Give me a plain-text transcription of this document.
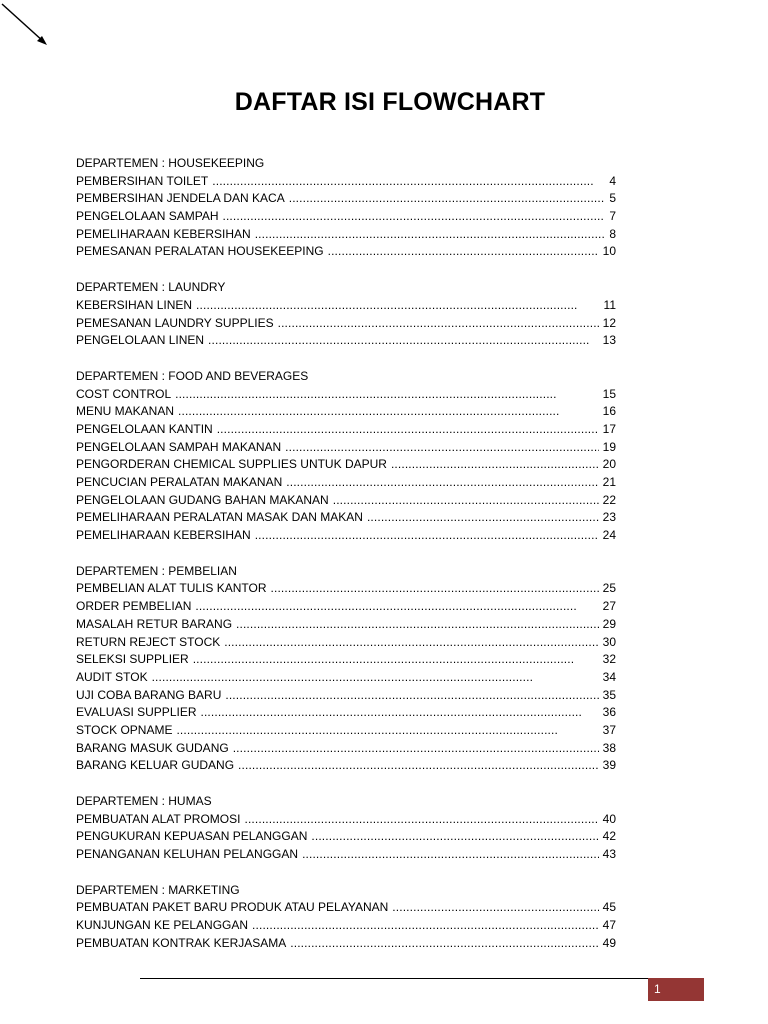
DAFTAR ISI FLOWCHART
DEPARTEMEN : HOUSEKEEPING
PEMBERSIHAN TOILET . . .	4
PEMBERSIHAN JENDELA DAN KACA . . .	5
PENGELOLAAN SAMPAH . . .	7
PEMELIHARAAN KEBERSIHAN . . .	8
PEMESANAN PERALATAN HOUSEKEEPING . . .	10
DEPARTEMEN : LAUNDRY
KEBERSIHAN LINEN . . .	11
PEMESANAN LAUNDRY SUPPLIES . . .	12
PENGELOLAAN LINEN . . .	13
DEPARTEMEN : FOOD AND BEVERAGES
COST CONTROL . . .	15
MENU MAKANAN . . .	16
PENGELOLAAN KANTIN . . .	17
PENGELOLAAN SAMPAH MAKANAN . . .	19
PENGORDERAN CHEMICAL SUPPLIES UNTUK DAPUR . . .	20
PENCUCIAN PERALATAN MAKANAN . . .	21
PENGELOLAAN GUDANG BAHAN MAKANAN . . .	22
PEMELIHARAAN PERALATAN MASAK DAN MAKAN . . .	23
PEMELIHARAAN KEBERSIHAN . . .	24
DEPARTEMEN : PEMBELIAN
PEMBELIAN ALAT TULIS KANTOR . . .	25
ORDER PEMBELIAN . . .	27
MASALAH RETUR BARANG . . .	29
RETURN REJECT STOCK . . .	30
SELEKSI SUPPLIER . . .	32
AUDIT STOK . . .	34
UJI COBA BARANG BARU . . .	35
EVALUASI SUPPLIER . . .	36
STOCK OPNAME . . .	37
BARANG MASUK GUDANG . . .	38
BARANG KELUAR GUDANG . . .	39
DEPARTEMEN : HUMAS
PEMBUATAN ALAT PROMOSI . . .	40
PENGUKURAN KEPUASAN PELANGGAN . . .	42
PENANGANAN KELUHAN PELANGGAN . . .	43
DEPARTEMEN : MARKETING
PEMBUATAN PAKET BARU PRODUK ATAU PELAYANAN . . .	45
KUNJUNGAN KE PELANGGAN . . .	47
PEMBUATAN KONTRAK KERJASAMA . . .	49
1
